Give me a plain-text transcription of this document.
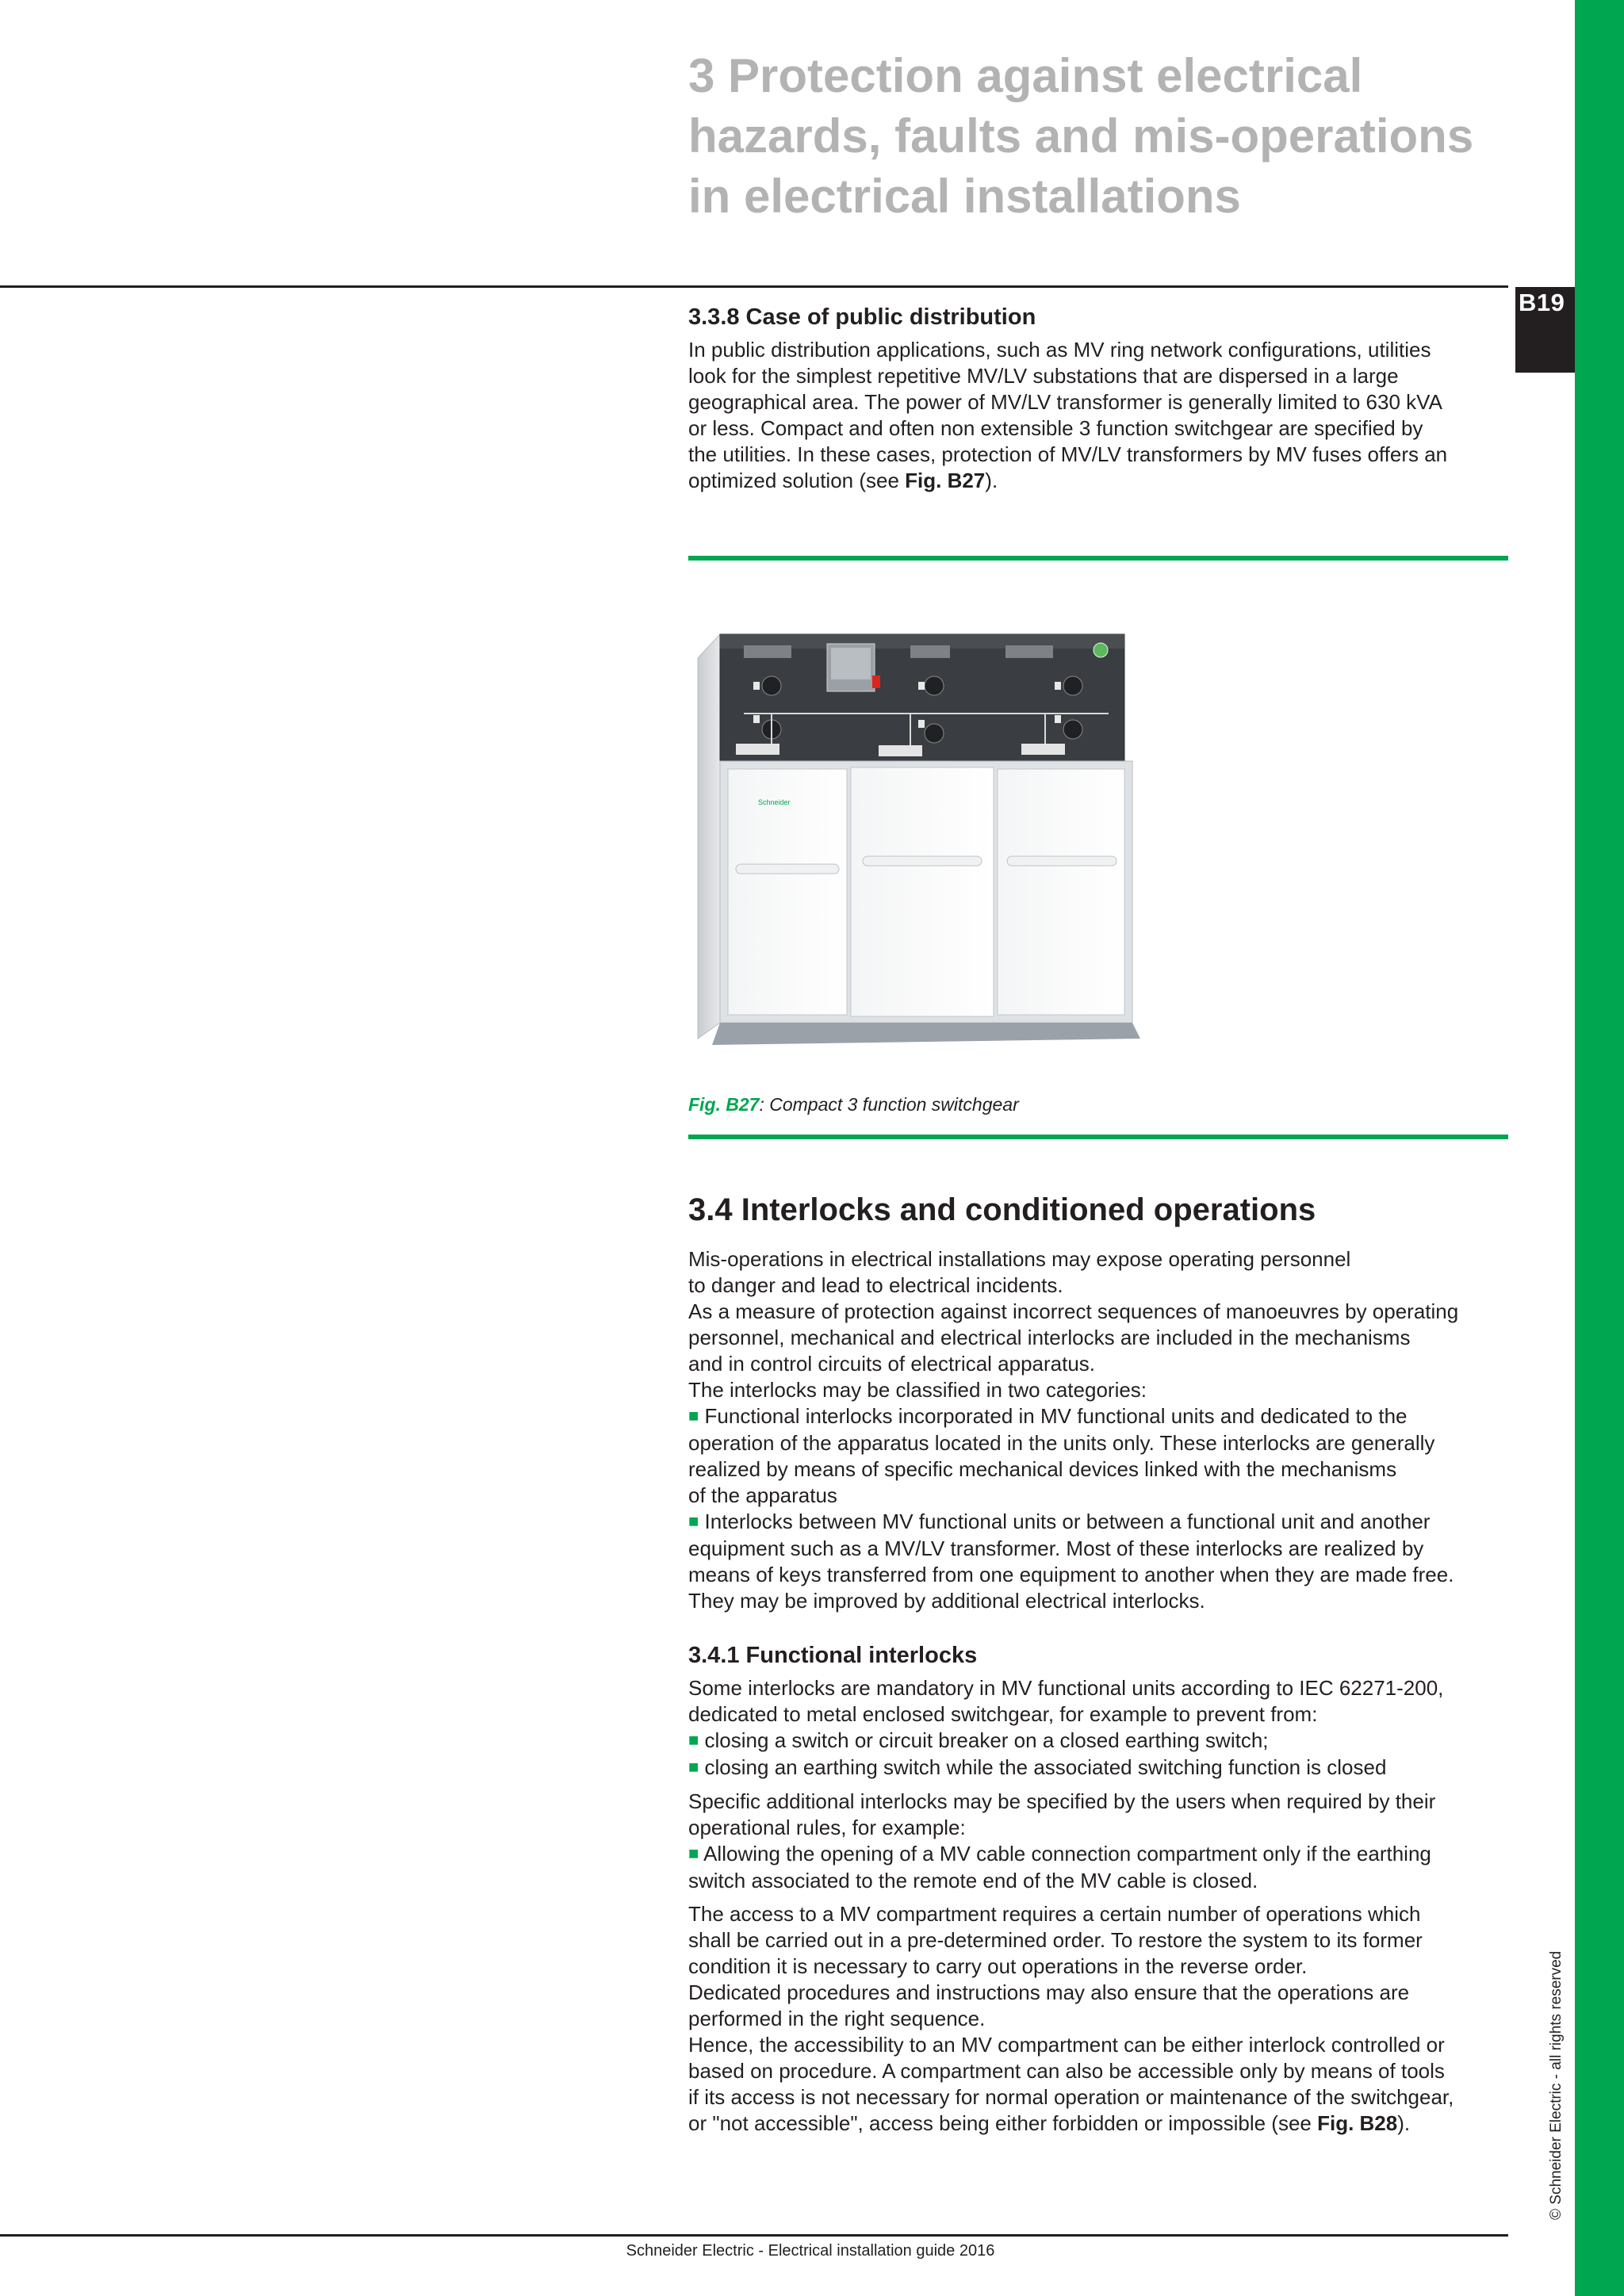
B19
3 Protection against electrical
hazards, faults and mis-operations
in electrical installations
3.3.8 Case of public distribution

In public distribution applications, such as MV ring network configurations, utilities

look for the simplest repetitive MV/LV substations that are dispersed in a large

geographical area. The power of MV/LV transformer is generally limited to 630 kVA

or less. Compact and often non extensible 3 function switchgear are specified by

the utilities. In these cases, protection of MV/LV transformers by MV fuses offers an

optimized solution (see Fig. B27).

Schneider
Fig. B27: Compact 3 function switchgear
3.4 Interlocks and conditioned operations

Mis-operations in electrical installations may expose operating personnel

to danger and lead to electrical incidents.

As a measure of protection against incorrect sequences of manoeuvres by operating

personnel, mechanical and electrical interlocks are included in the mechanisms

and in control circuits of electrical apparatus.

The interlocks may be classified in two categories:

■ Functional interlocks incorporated in MV functional units and dedicated to the

operation of the apparatus located in the units only. These interlocks are generally

realized by means of specific mechanical devices linked with the mechanisms

of the apparatus

■ Interlocks between MV functional units or between a functional unit and another

equipment such as a MV/LV transformer. Most of these interlocks are realized by

means of keys transferred from one equipment to another when they are made free.

They may be improved by additional electrical interlocks.

3.4.1 Functional interlocks

Some interlocks are mandatory in MV functional units according to IEC 62271-200,

dedicated to metal enclosed switchgear, for example to prevent from:

■ closing a switch or circuit breaker on a closed earthing switch;

■ closing an earthing switch while the associated switching function is closed

Specific additional interlocks may be specified by the users when required by their

operational rules, for example:

■ Allowing the opening of a MV cable connection compartment only if the earthing

switch associated to the remote end of the MV cable is closed.

The access to a MV compartment requires a certain number of operations which

shall be carried out in a pre-determined order. To restore the system to its former

condition it is necessary to carry out operations in the reverse order.

Dedicated procedures and instructions may also ensure that the operations are

performed in the right sequence.

Hence, the accessibility to an MV compartment can be either interlock controlled or

based on procedure. A compartment can also be accessible only by means of tools

if its access is not necessary for normal operation or maintenance of the switchgear,

or "not accessible", access being either forbidden or impossible (see Fig. B28).

Schneider Electric - Electrical installation guide 2016
© Schneider Electric - all rights reserved
